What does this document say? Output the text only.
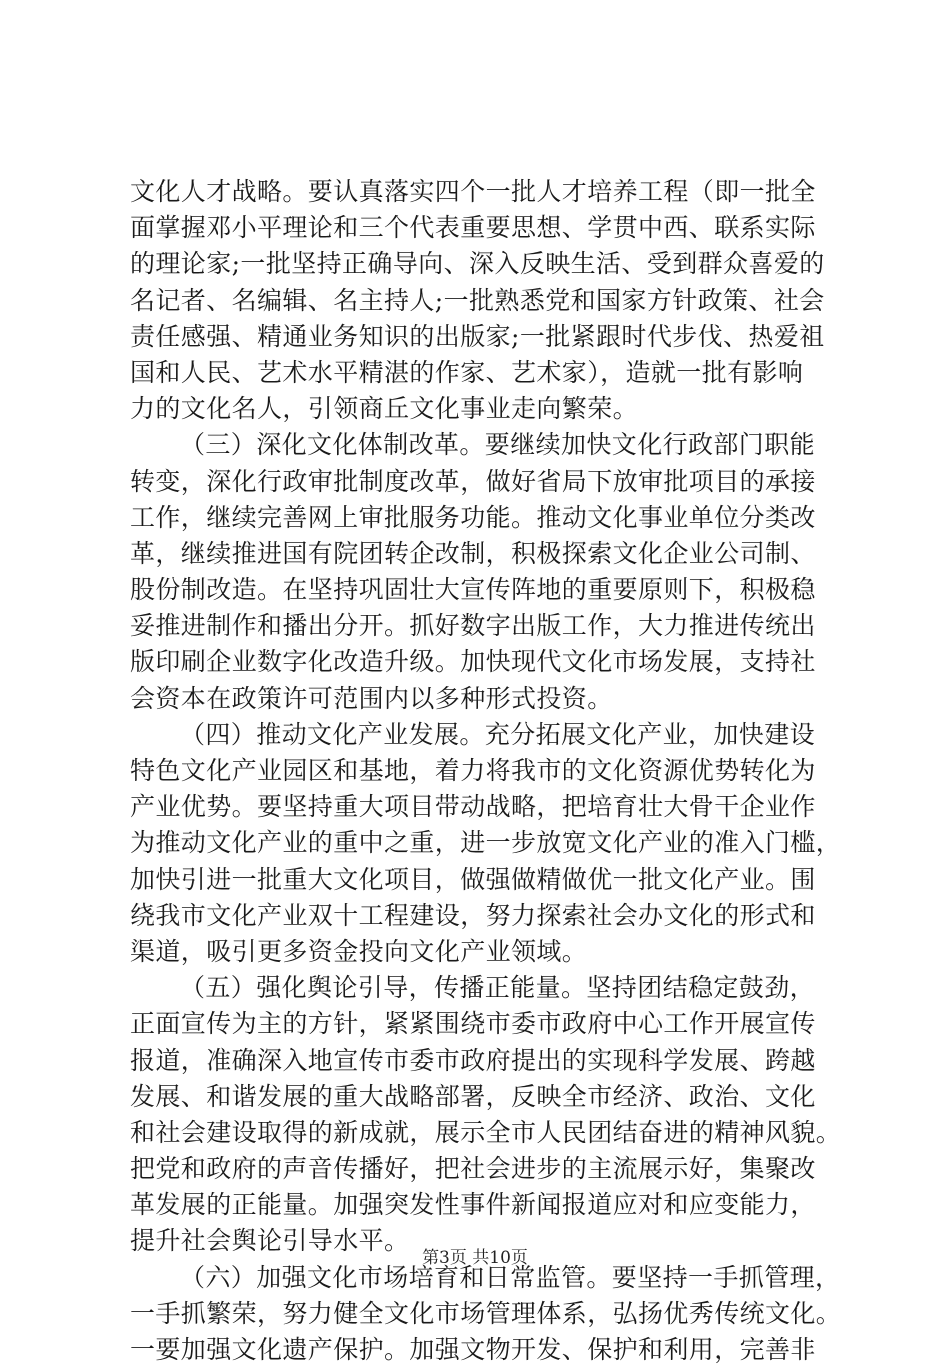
文化人才战略。要认真落实四个一批人才培养工程（即一批全
面掌握邓小平理论和三个代表重要思想、学贯中西、联系实际
的理论家;一批坚持正确导向、深入反映生活、受到群众喜爱的
名记者、名编辑、名主持人;一批熟悉党和国家方针政策、社会
责任感强、精通业务知识的出版家;一批紧跟时代步伐、热爱祖
国和人民、艺术水平精湛的作家、艺术家），造就一批有影响
力的文化名人，引领商丘文化事业走向繁荣。
（三）深化文化体制改革。要继续加快文化行政部门职能
转变，深化行政审批制度改革，做好省局下放审批项目的承接
工作，继续完善网上审批服务功能。推动文化事业单位分类改
革，继续推进国有院团转企改制，积极探索文化企业公司制、
股份制改造。在坚持巩固壮大宣传阵地的重要原则下，积极稳
妥推进制作和播出分开。抓好数字出版工作，大力推进传统出
版印刷企业数字化改造升级。加快现代文化市场发展，支持社
会资本在政策许可范围内以多种形式投资。
（四）推动文化产业发展。充分拓展文化产业，加快建设
特色文化产业园区和基地，着力将我市的文化资源优势转化为
产业优势。要坚持重大项目带动战略，把培育壮大骨干企业作
为推动文化产业的重中之重，进一步放宽文化产业的准入门槛，
加快引进一批重大文化项目，做强做精做优一批文化产业。围
绕我市文化产业双十工程建设，努力探索社会办文化的形式和
渠道，吸引更多资金投向文化产业领域。
（五）强化舆论引导，传播正能量。坚持团结稳定鼓劲，
正面宣传为主的方针，紧紧围绕市委市政府中心工作开展宣传
报道，准确深入地宣传市委市政府提出的实现科学发展、跨越
发展、和谐发展的重大战略部署，反映全市经济、政治、文化
和社会建设取得的新成就，展示全市人民团结奋进的精神风貌。
把党和政府的声音传播好，把社会进步的主流展示好，集聚改
革发展的正能量。加强突发性事件新闻报道应对和应变能力，
提升社会舆论引导水平。
（六）加强文化市场培育和日常监管。要坚持一手抓管理，
一手抓繁荣，努力健全文化市场管理体系，弘扬优秀传统文化。
一要加强文化遗产保护。加强文物开发、保护和利用，完善非
第3页 共10页
